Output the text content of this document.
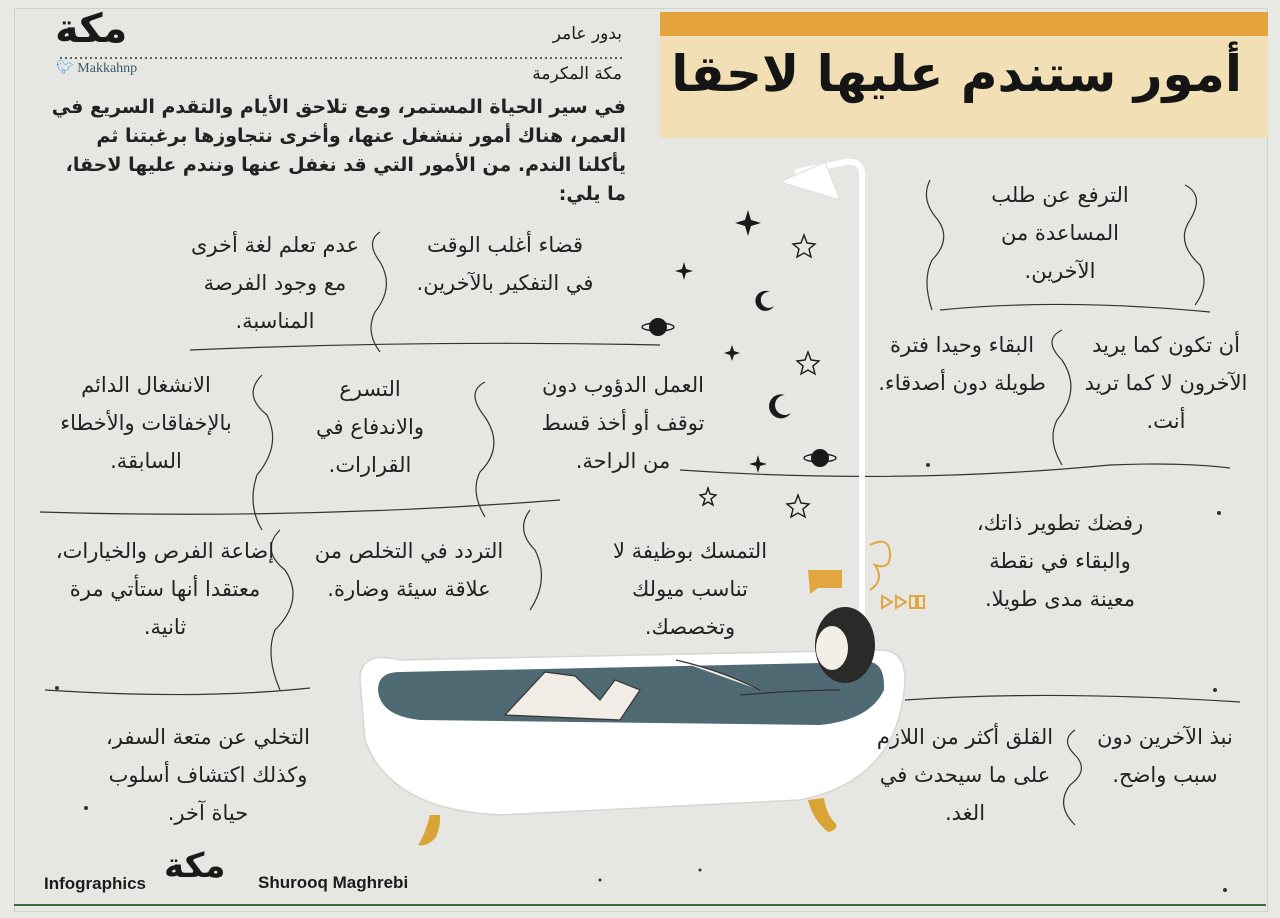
أمور ستندم عليها لاحقا
مكة
🐦︎ Makkahnp
بدور عامر
مكة المكرمة
في سير الحياة المستمر، ومع تلاحق الأيام والتقدم السريع في العمر، هناك أمور ننشغل عنها، وأخرى نتجاوزها برغبتنا ثم يأكلنا الندم. من الأمور التي قد نغفل عنها ونندم عليها لاحقا، ما يلي:	الترفع عن طلب المساعدة من الآخرين.
قضاء أغلب الوقت في التفكير بالآخرين.
عدم تعلم لغة أخرى مع وجود الفرصة المناسبة.
البقاء وحيدا فترة طويلة دون أصدقاء.
أن تكون كما يريد الآخرون لا كما تريد أنت.
العمل الدؤوب دون توقف أو أخذ قسط من الراحة.
التسرع والاندفاع في القرارات.
الانشغال الدائم بالإخفاقات والأخطاء السابقة.
رفضك تطوير ذاتك، والبقاء في نقطة معينة مدى طويلا.
التمسك بوظيفة لا تناسب ميولك وتخصصك.
التردد في التخلص من علاقة سيئة وضارة.
إضاعة الفرص والخيارات، معتقدا أنها ستأتي مرة ثانية.
التخلي عن متعة السفر، وكذلك اكتشاف أسلوب حياة آخر.
القلق أكثر من اللازم على ما سيحدث في الغد.
نبذ الآخرين دون سبب واضح.
Infographics مكة Shurooq Maghrebi
